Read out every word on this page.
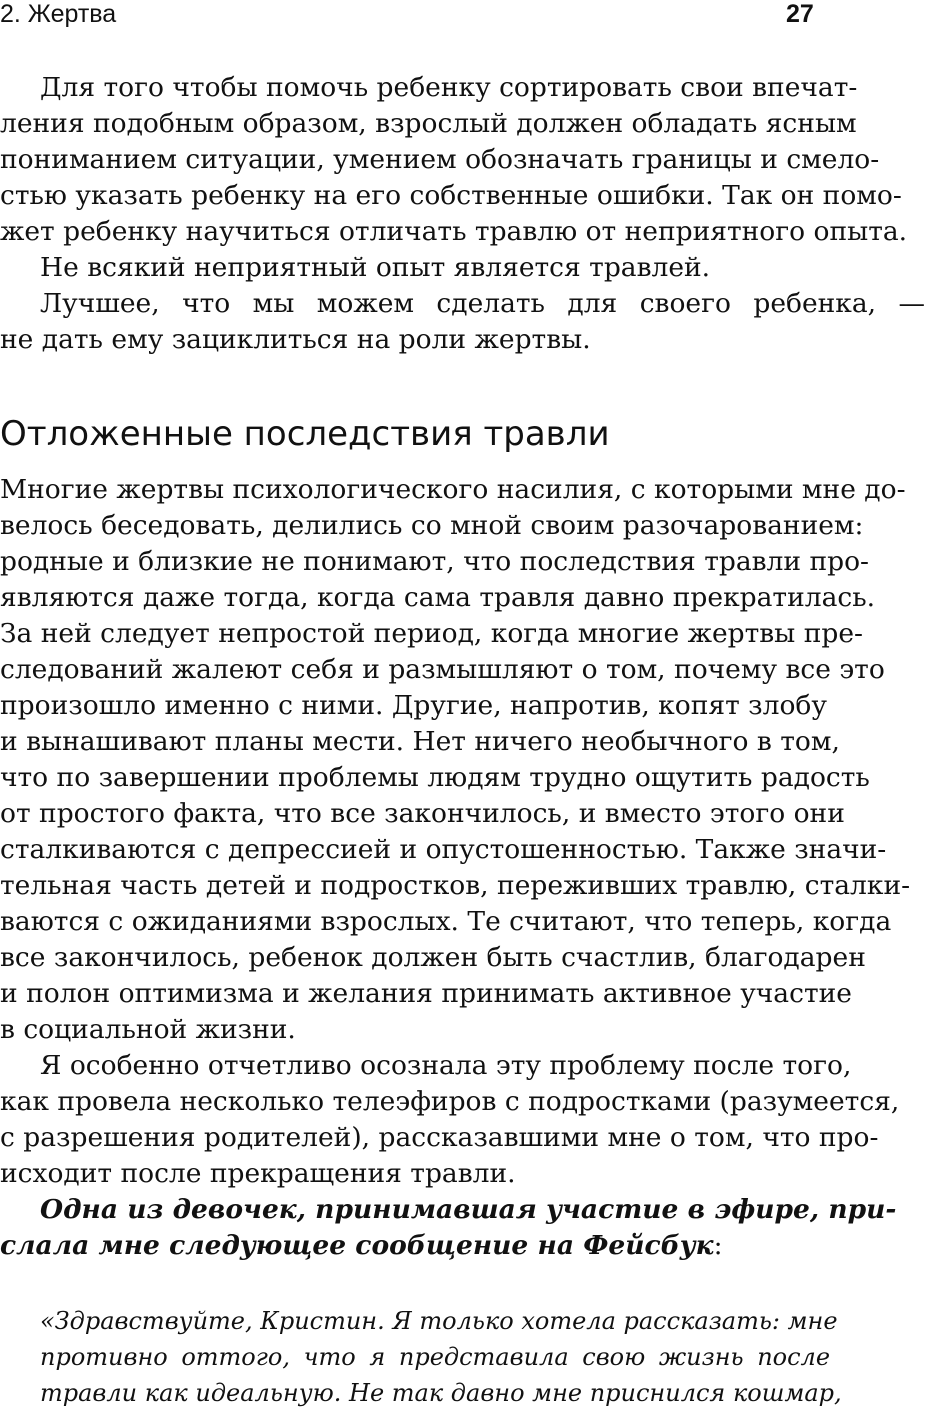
2. Жертва	27
Для того чтобы помочь ребенку сортировать свои впечат-
ления подобным образом, взрослый должен обладать ясным
пониманием ситуации, умением обозначать границы и смело-
стью указать ребенку на его собственные ошибки. Так он помо-
жет ребенку научиться отличать травлю от неприятного опыта.
Не всякий неприятный опыт является травлей.
Лучшее, что мы можем сделать для своего ребенка, —
не дать ему зациклиться на роли жертвы.
Отложенные последствия травли
Многие жертвы психологического насилия, с которыми мне до-
велось беседовать, делились со мной своим разочарованием:
родные и близкие не понимают, что последствия травли про-
являются даже тогда, когда сама травля давно прекратилась.
За ней следует непростой период, когда многие жертвы пре-
следований жалеют себя и размышляют о том, почему все это
произошло именно с ними. Другие, напротив, копят злобу
и вынашивают планы мести. Нет ничего необычного в том,
что по завершении проблемы людям трудно ощутить радость
от простого факта, что все закончилось, и вместо этого они
сталкиваются с депрессией и опустошенностью. Также значи-
тельная часть детей и подростков, переживших травлю, сталки-
ваются с ожиданиями взрослых. Те считают, что теперь, когда
все закончилось, ребенок должен быть счастлив, благодарен
и полон оптимизма и желания принимать активное участие
в социальной жизни.
Я особенно отчетливо осознала эту проблему после того,
как провела несколько телеэфиров с подростками (разумеется,
с разрешения родителей), рассказавшими мне о том, что про-
исходит после прекращения травли.
Одна из девочек, принимавшая участие в эфире, при-
слала мне следующее сообщение на Фейсбук:
«Здравствуйте, Кристин. Я только хотела рассказать: мне
противно оттого, что я представила свою жизнь после
травли как идеальную. Не так давно мне приснился кошмар,
